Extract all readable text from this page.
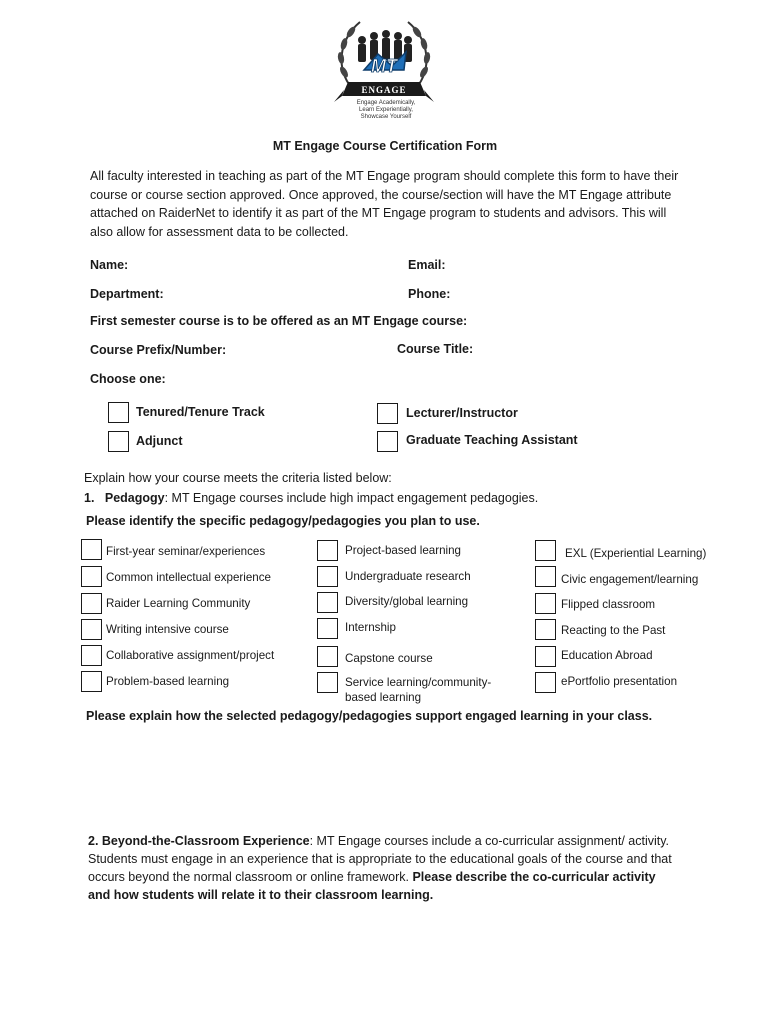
MT
ENGAGE
Engage Academically,
Learn Experientially,
Showcase Yourself
MT Engage Course Certification Form
All faculty interested in teaching as part of the MT Engage program should complete this form to have their course or course section approved. Once approved, the course/section will have the MT Engage attribute attached on RaiderNet to identify it as part of the MT Engage program to students and advisors. This will also allow for assessment data to be collected.
Name:	Email:
Department:	Phone:
First semester course is to be offered as an MT Engage course:
Course Prefix/Number:	Course Title:
Choose one:
Tenured/Tenure Track
Adjunct
Lecturer/Instructor
Graduate Teaching Assistant
Explain how your course meets the criteria listed below:
1. Pedagogy: MT Engage courses include high impact engagement pedagogies.
Please identify the specific pedagogy/pedagogies you plan to use.
First-year seminar/experiences
Common intellectual experience
Raider Learning Community
Writing intensive course
Collaborative assignment/project
Problem-based learning
Project-based learning
Undergraduate research
Diversity/global learning
Internship
Capstone course
Service learning/community-
based learning
EXL (Experiential Learning)
Civic engagement/learning
Flipped classroom
Reacting to the Past
Education Abroad
ePortfolio presentation
Please explain how the selected pedagogy/pedagogies support engaged learning in your class.
2. Beyond-the-Classroom Experience: MT Engage courses include a co-curricular assignment/ activity. Students must engage in an experience that is appropriate to the educational goals of the course and that occurs beyond the normal classroom or online framework. Please describe the co-curricular activity and how students will relate it to their classroom learning.
